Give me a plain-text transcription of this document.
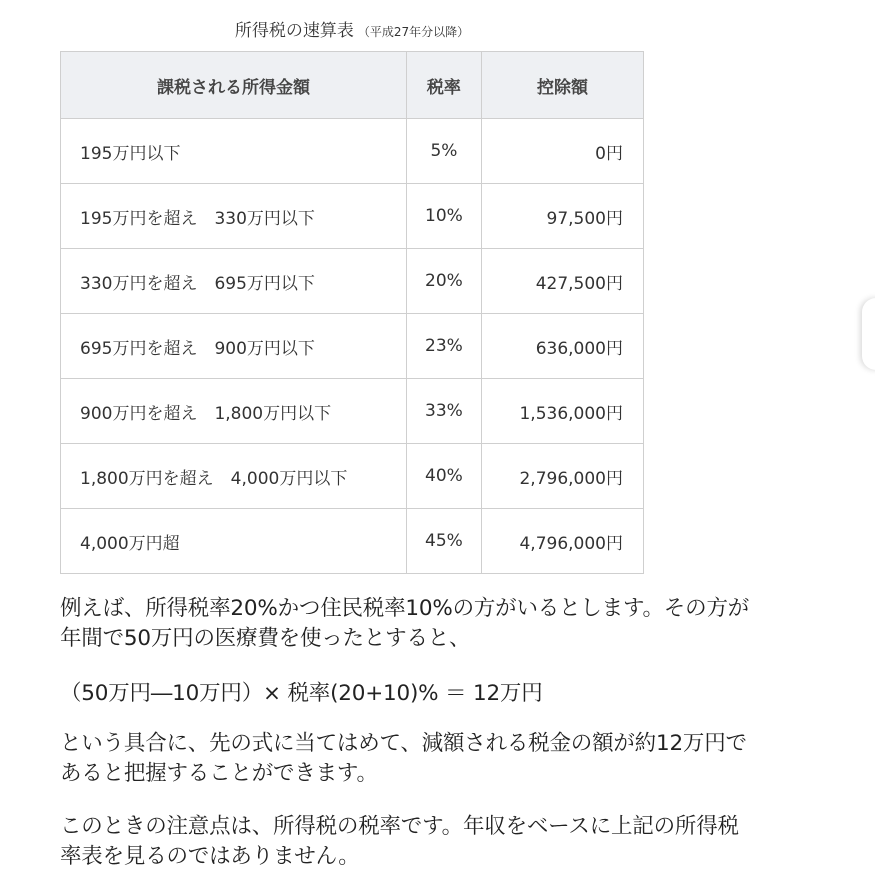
所得税の速算表 （平成27年分以降）
課税される所得金額	税率	控除額
195万円以下	5%	0円
195万円を超え　330万円以下	10%	97,500円
330万円を超え　695万円以下	20%	427,500円
695万円を超え　900万円以下	23%	636,000円
900万円を超え　1,800万円以下	33%	1,536,000円
1,800万円を超え　4,000万円以下	40%	2,796,000円
4,000万円超	45%	4,796,000円

例えば、所得税率20%かつ住民税率10%の方がいるとします。その方が
年間で50万円の医療費を使ったとすると、

（50万円―10万円）× 税率(20+10)% ＝ 12万円

という具合に、先の式に当てはめて、減額される税金の額が約12万円で
あると把握することができます。

このときの注意点は、所得税の税率です。年収をベースに上記の所得税
率表を見るのではありません。
